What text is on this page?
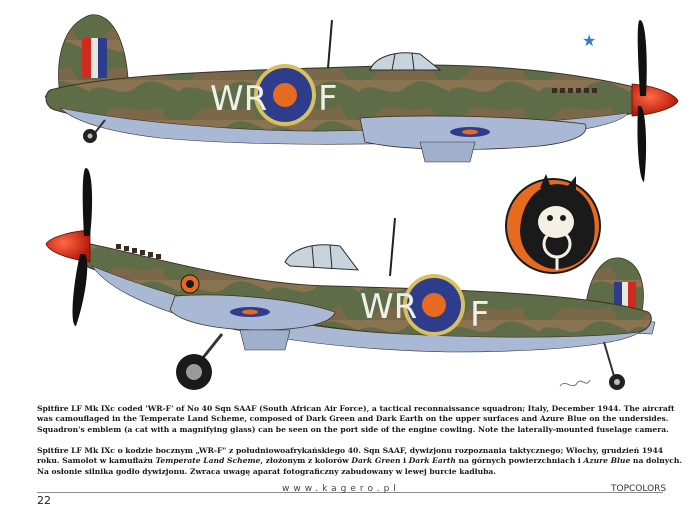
WR F
★
WR F

Spitfire LF Mk IXc coded 'WR-F' of No 40 Sqn SAAF (South African Air Force), a tactical reconnaissance squadron; Italy, December 1944. The aircraft was camouflaged in the Temperate Land Scheme, composed of Dark Green and Dark Earth on the upper surfaces and Azure Blue on the undersides. Squadron's emblem (a cat with a magnifying glass) can be seen on the port side of the engine cowling. Note the laterally-mounted fuselage camera.

Spitfire LF Mk IXc o kodzie bocznym „WR-F" z południowoafrykańskiego 40. Sqn SAAF, dywizjonu rozpoznania taktycznego; Włochy, grudzień 1944 roku. Samolot w kamuflażu Temperate Land Scheme, złożonym z kolorów Dark Green i Dark Earth na górnych powierzchniach i Azure Blue na dolnych. Na osłonie silnika godło dywizjonu. Zwraca uwagę aparat fotograficzny zabudowany w lewej burcie kadłuba.

22
www.kagero.pl	TOPCOLORS
